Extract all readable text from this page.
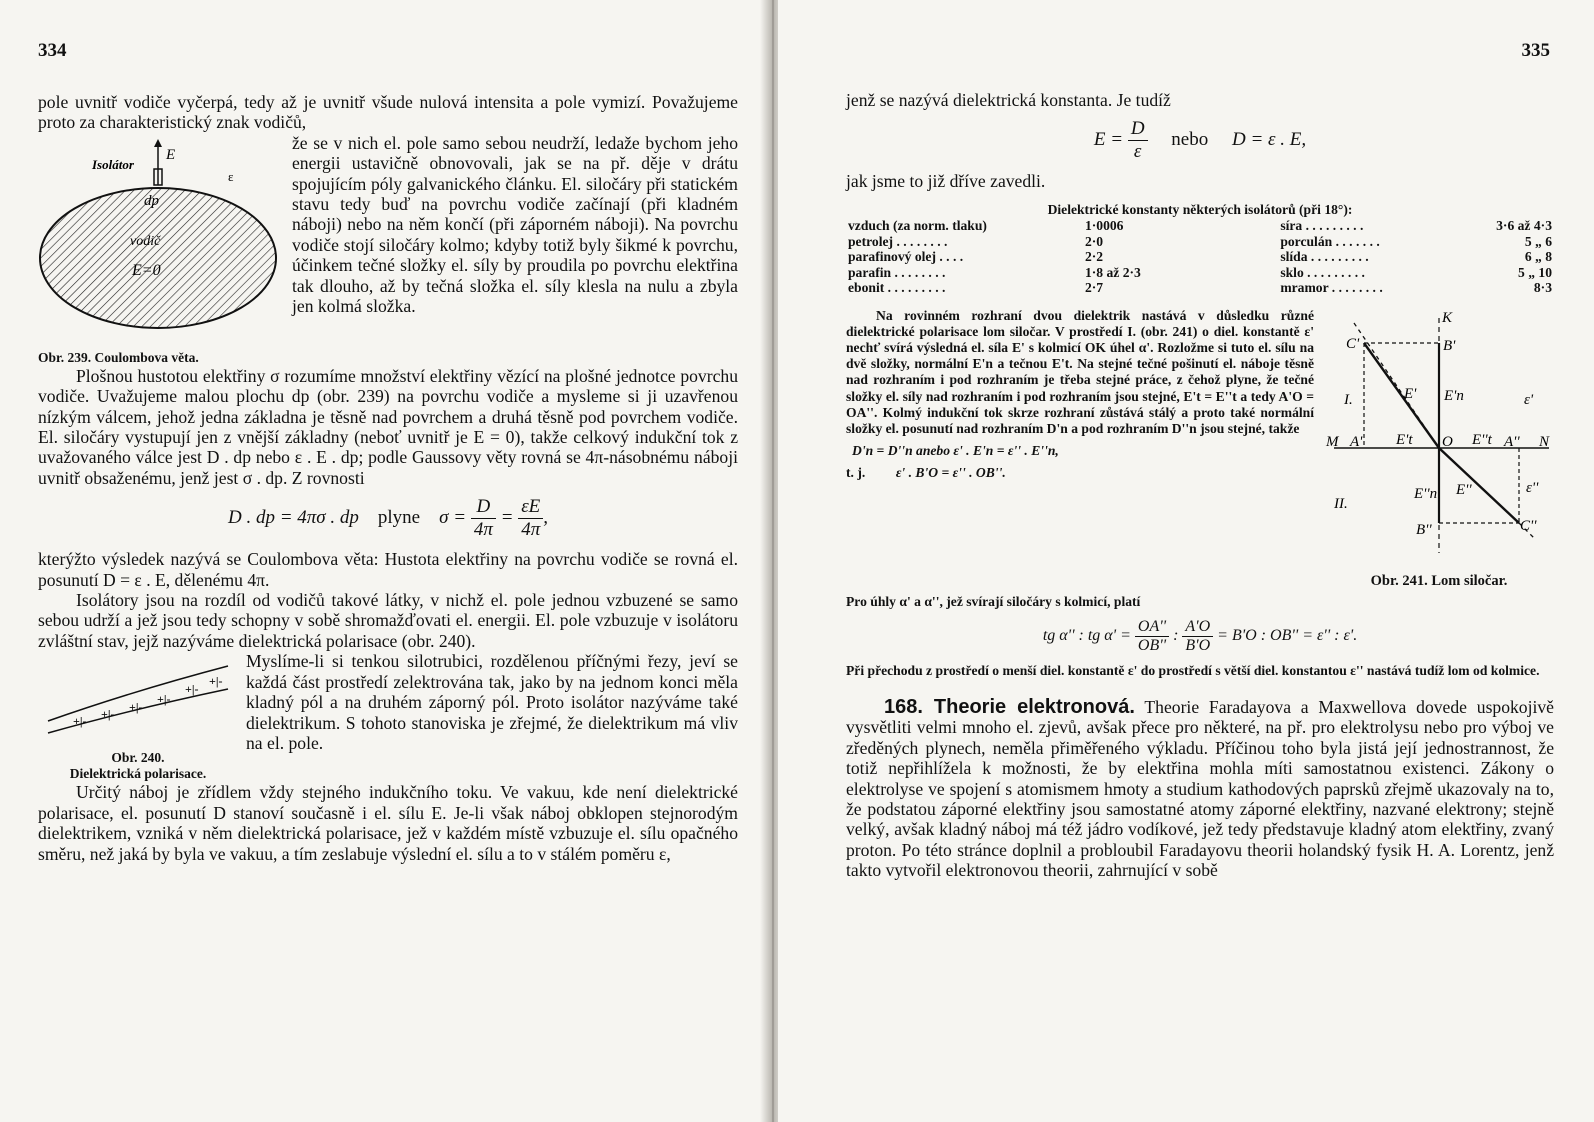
334

pole uvnitř vodiče vyčerpá, tedy až je uvnitř všude nulová intensita a pole vymizí. Považujeme proto za charakteristický znak vodičů,

Isolátor
E
ε
dp
vodič
E=0
Obr. 239. Coulombova věta.

že se v nich el. pole samo sebou neudrží, ledaže bychom jeho energii ustavičně obnovovali, jak se na př. děje v drátu spojujícím póly galvanického článku. El. siločáry při statickém stavu tedy buď na povrchu vodiče začínají (při kladném náboji) nebo na něm končí (při záporném náboji). Na povrchu vodiče stojí siločáry kolmo; kdyby totiž byly šikmé k povrchu, účinkem tečné složky el. síly by proudila po povrchu elektřina tak dlouho, až by tečná složka el. síly klesla na nulu a zbyla jen kolmá složka.

Plošnou hustotou elektřiny σ rozumíme množství elektřiny vězící na plošné jednotce povrchu vodiče. Uvažujeme malou plochu dp (obr. 239) na povrchu vodiče a mysleme si ji uzavřenou nízkým válcem, jehož jedna základna je těsně nad povrchem a druhá těsně pod povrchem vodiče. El. siločáry vystupují jen z vnější základny (neboť uvnitř je E = 0), takže celkový indukční tok z uvažovaného válce jest D . dp nebo ε . E . dp; podle Gaussovy věty rovná se 4π-násobnému náboji uvnitř obsaženému, jenž jest σ . dp. Z rovnosti

D . dp = 4πσ . dp plyne $\sigma = \frac{D}{4\pi} = \frac{\varepsilon E}{4\pi}$ ,

kterýžto výsledek nazývá se Coulombova věta: Hustota elektřiny na povrchu vodiče se rovná el. posunutí D = ε . E, dělenému 4π.

Isolátory jsou na rozdíl od vodičů takové látky, v nichž el. pole jednou vzbuzené se samo sebou udrží a jež jsou tedy schopny v sobě shromažďovati el. energii. El. pole vzbuzuje v isolátoru zvláštní stav, jejž nazýváme dielektrická polarisace (obr. 240).

+|- +|- +|-
+|-
+|-
+|-
Obr. 240.
Dielektrická polarisace.

Myslíme-li si tenkou silotrubici, rozdělenou příčnými řezy, jeví se každá část prostředí zelektrována tak, jako by na jednom konci měla kladný pól a na druhém záporný pól. Proto isolátor nazýváme také dielektrikum. S tohoto stanoviska je zřejmé, že dielektrikum má vliv na el. pole.

Určitý náboj je zřídlem vždy stejného indukčního toku. Ve vakuu, kde není dielektrické polarisace, el. posunutí D stanoví současně i el. sílu E. Je-li však náboj obklopen stejnorodým dielektrikem, vzniká v něm dielektrická polarisace, jež v každém místě vzbuzuje el. sílu opačného směru, než jaká by byla ve vakuu, a tím zeslabuje výslední el. sílu a to v stálém poměru ε,

335

jenž se nazývá dielektrická konstanta. Je tudíž

$E = \frac{D}{\varepsilon}$ nebo D = ε . E,

jak jsme to již dříve zavedli.

Dielektrické konstanty některých isolátorů (při 18°):
vzduch (za norm. tlaku)	1·0006	síra . . . . . . . . .	3·6 až 4·3
petrolej . . . . . . . .	2·0	porculán . . . . . . .	5 „ 6
parafinový olej . . . .	2·2	slída . . . . . . . . .	6 „ 8
parafin . . . . . . . .	1·8 až 2·3	sklo . . . . . . . . .	5 „ 10
ebonit . . . . . . . . .	2·7	mramor . . . . . . . .	8·3

Na rovinném rozhraní dvou dielektrik nastává v důsledku různé dielektrické polarisace lom siločar. V prostředí I. (obr. 241) o diel. konstantě ε' nechť svírá výsledná el. síla E' s kolmicí OK úhel α'. Rozložme si tuto el. sílu na dvě složky, normální E'n a tečnou E't. Na stejné tečné pošinutí el. náboje těsně nad rozhraním i pod rozhraním je třeba stejné práce, z čehož plyne, že tečné složky el. síly nad rozhraním i pod rozhraním jsou stejné, E't = E''t a tedy A'O = OA''. Kolmý indukční tok skrze rozhraní zůstává stálý a proto také normální složky el. posunutí nad rozhraním D'n a pod rozhraním D''n jsou stejné, takže

D'n = D''n anebo ε' . E'n = ε'' . E''n,
t. j. ε' . B'O = ε'' . OB''.
K
C'	B'
I.	E' E'n	ε'
M A' E't O E''t A'' N
II.
E''n E''	ε''
B''	C''
Obr. 241. Lom siločar.

Pro úhly α' a α'', jež svírají siločáry s kolmicí, platí

tg α'' : tg $\alpha' = \frac{OA''}{OB''}$ : $\frac{A'O}{B'O} = B'O$ : OB'' = ε'' : ε'.

Při přechodu z prostředí o menší diel. konstantě ε' do prostředí s větší diel. konstantou ε'' nastává tudíž lom od kolmice.

168. Theorie elektronová. Theorie Faradayova a Maxwellova dovede uspokojivě vysvětliti velmi mnoho el. zjevů, avšak přece pro některé, na př. pro elektrolysu nebo pro výboj ve zředěných plynech, neměla přiměřeného výkladu. Příčinou toho byla jistá její jednostrannost, že totiž nepřihlížela k možnosti, že by elektřina mohla míti samostatnou existenci. Zákony o elektrolyse ve spojení s atomismem hmoty a studium kathodových paprsků zřejmě ukazovaly na to, že podstatou záporné elektřiny jsou samostatné atomy záporné elektřiny, nazvané elektrony; stejně velký, avšak kladný náboj má též jádro vodíkové, jež tedy představuje kladný atom elektřiny, zvaný proton. Po této stránce doplnil a probloubil Faradayovu theorii holandský fysik H. A. Lorentz, jenž takto vytvořil elektronovou theorii, zahrnující v sobě
